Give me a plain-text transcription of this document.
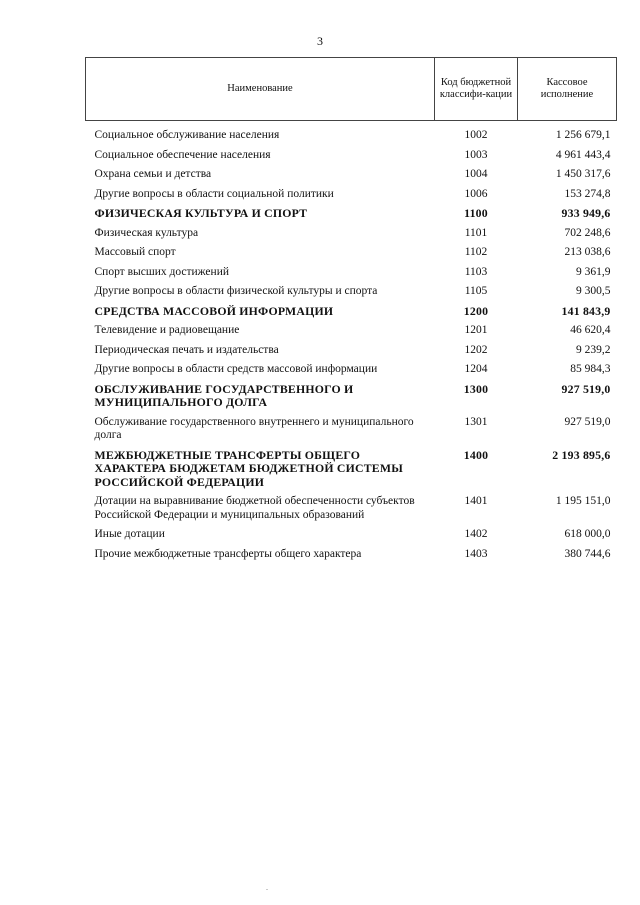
3
Наименование	Код бюджетной классифи-кации	Кассовое исполнение
Социальное обслуживание населения	1002	1 256 679,1
Социальное обеспечение населения	1003	4 961 443,4
Охрана семьи и детства	1004	1 450 317,6
Другие вопросы в области социальной политики	1006	153 274,8
ФИЗИЧЕСКАЯ КУЛЬТУРА И СПОРТ	1100	933 949,6
Физическая культура	1101	702 248,6
Массовый спорт	1102	213 038,6
Спорт высших достижений	1103	9 361,9
Другие вопросы в области физической культуры и спорта	1105	9 300,5
СРЕДСТВА МАССОВОЙ ИНФОРМАЦИИ	1200	141 843,9
Телевидение и радиовещание	1201	46 620,4
Периодическая печать и издательства	1202	9 239,2
Другие вопросы в области средств массовой информации	1204	85 984,3
ОБСЛУЖИВАНИЕ ГОСУДАРСТВЕННОГО И МУНИЦИПАЛЬНОГО ДОЛГА	1300	927 519,0
Обслуживание государственного внутреннего и муниципального долга	1301	927 519,0
МЕЖБЮДЖЕТНЫЕ ТРАНСФЕРТЫ ОБЩЕГО ХАРАКТЕРА БЮДЖЕТАМ БЮДЖЕТНОЙ СИСТЕМЫ РОССИЙСКОЙ ФЕДЕРАЦИИ	1400	2 193 895,6
Дотации на выравнивание бюджетной обеспеченности субъектов Российской Федерации и муниципальных образований	1401	1 195 151,0
Иные дотации	1402	618 000,0
Прочие межбюджетные трансферты общего характера	1403	380 744,6
.
